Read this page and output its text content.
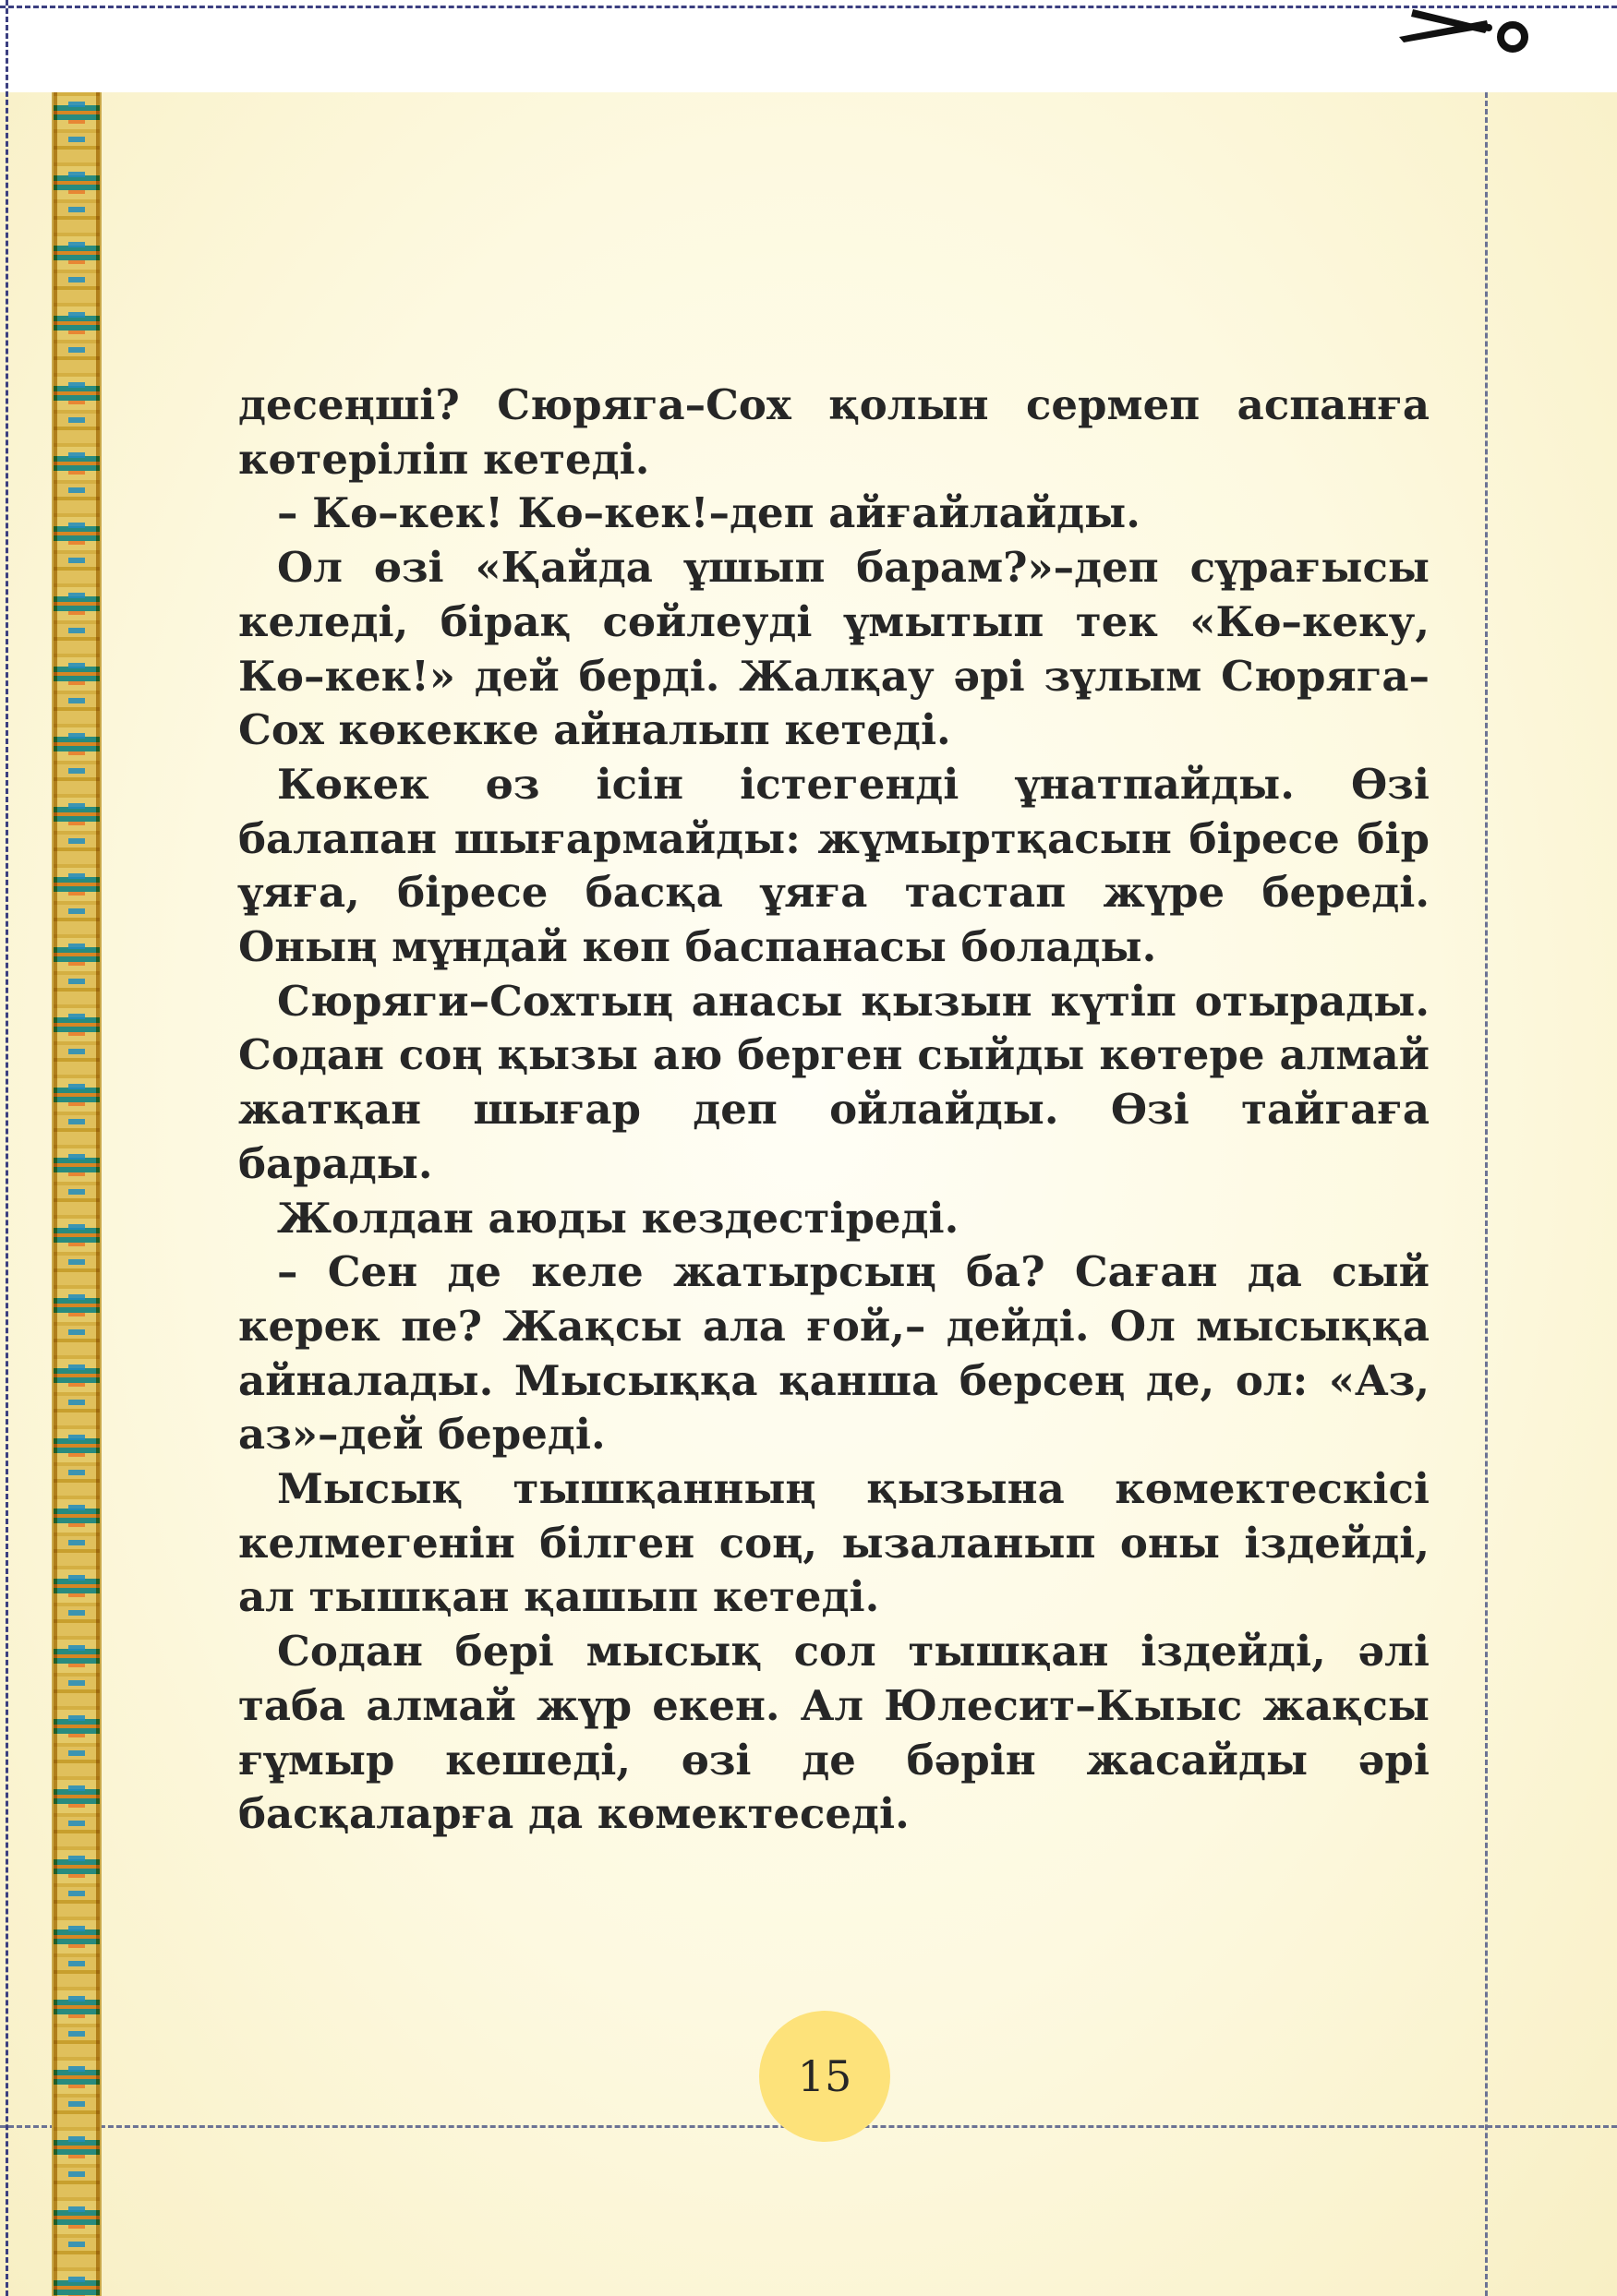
десеңші? Сюряга–Сох қолын сермеп аспанға көтеріліп кетеді.

– Кө–кек! Кө–кек!–деп айғайлайды.

Ол өзі «Қайда ұшып барам?»–деп сұрағысы келеді, бірақ сөйлеуді ұмытып тек «Кө–кеку, Кө–кек!» дей берді. Жалқау әрі зұлым Сюряга–Сох көкекке айналып кетеді.

Көкек өз ісін істегенді ұнатпайды. Өзі балапан шығармайды: жұмыртқасын біресе бір ұяға, біресе басқа ұяға тастап жүре береді. Оның мұндай көп баспанасы болады.

Сюряги–Сохтың анасы қызын күтіп отырады. Содан соң қызы аю берген сыйды көтере алмай жатқан шығар деп ойлайды. Өзі тайгаға барады.

Жолдан аюды кездестіреді.

– Сен де келе жатырсың ба? Саған да сый керек пе? Жақсы ала ғой,– дейді. Ол мысыққа айналады. Мысыққа қанша берсең де, ол: «Аз, аз»–дей береді.

Мысық тышқанның қызына көмектескісі келмегенін білген соң, ызаланып оны іздейді, ал тышқан қашып кетеді.

Содан бері мысық сол тышқан іздейді, әлі таба алмай жүр екен. Ал Юлесит–Кыыс жақсы ғұмыр кешеді, өзі де бәрін жасайды әрі басқаларға да көмектеседі.

15
